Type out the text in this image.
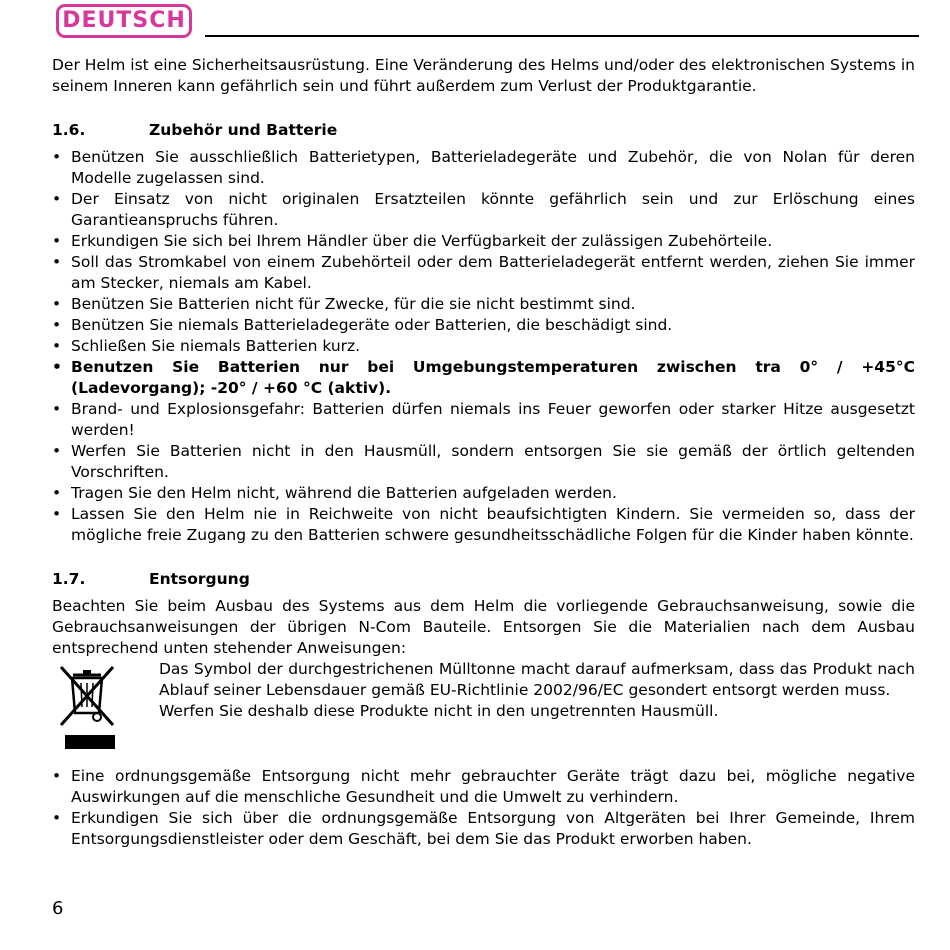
DEUTSCH

Der Helm ist eine Sicherheitsausrüstung. Eine Veränderung des Helms und/oder des elektronischen Systems in seinem Inneren kann gefährlich sein und führt außerdem zum Verlust der Produktgarantie.

1.6.	Zubehör und Batterie
• Benützen Sie ausschließlich Batterietypen, Batterieladegeräte und Zubehör, die von Nolan für deren Modelle zugelassen sind.
• Der Einsatz von nicht originalen Ersatzteilen könnte gefährlich sein und zur Erlöschung eines Garantieanspruchs führen.
• Erkundigen Sie sich bei Ihrem Händler über die Verfügbarkeit der zulässigen Zubehörteile.
• Soll das Stromkabel von einem Zubehörteil oder dem Batterieladegerät entfernt werden, ziehen Sie immer am Stecker, niemals am Kabel.
• Benützen Sie Batterien nicht für Zwecke, für die sie nicht bestimmt sind.
• Benützen Sie niemals Batterieladegeräte oder Batterien, die beschädigt sind.
• Schließen Sie niemals Batterien kurz.
• Benutzen Sie Batterien nur bei Umgebungstemperaturen zwischen tra 0° / +45°C (Ladevorgang); -20° / +60 °C (aktiv).
• Brand- und Explosionsgefahr: Batterien dürfen niemals ins Feuer geworfen oder starker Hitze ausgesetzt werden!
• Werfen Sie Batterien nicht in den Hausmüll, sondern entsorgen Sie sie gemäß der örtlich geltenden Vorschriften.
• Tragen Sie den Helm nicht, während die Batterien aufgeladen werden.
• Lassen Sie den Helm nie in Reichweite von nicht beaufsichtigten Kindern. Sie vermeiden so, dass der mögliche freie Zugang zu den Batterien schwere gesundheitsschädliche Folgen für die Kinder haben könnte.
1.7.	Entsorgung

Beachten Sie beim Ausbau des Systems aus dem Helm die vorliegende Gebrauchsanweisung, sowie die Gebrauchsanweisungen der übrigen N-Com Bauteile. Entsorgen Sie die Materialien nach dem Ausbau entsprechend unten stehender Anweisungen:

Das Symbol der durchgestrichenen Mülltonne macht darauf aufmerksam, dass das Produkt nach Ablauf seiner Lebensdauer gemäß EU-Richtlinie 2002/96/EC gesondert entsorgt werden muss.

Werfen Sie deshalb diese Produkte nicht in den ungetrennten Hausmüll.

• Eine ordnungsgemäße Entsorgung nicht mehr gebrauchter Geräte trägt dazu bei, mögliche negative Auswirkungen auf die menschliche Gesundheit und die Umwelt zu verhindern.
• Erkundigen Sie sich über die ordnungsgemäße Entsorgung von Altgeräten bei Ihrer Gemeinde, Ihrem Entsorgungsdienstleister oder dem Geschäft, bei dem Sie das Produkt erworben haben.
6
